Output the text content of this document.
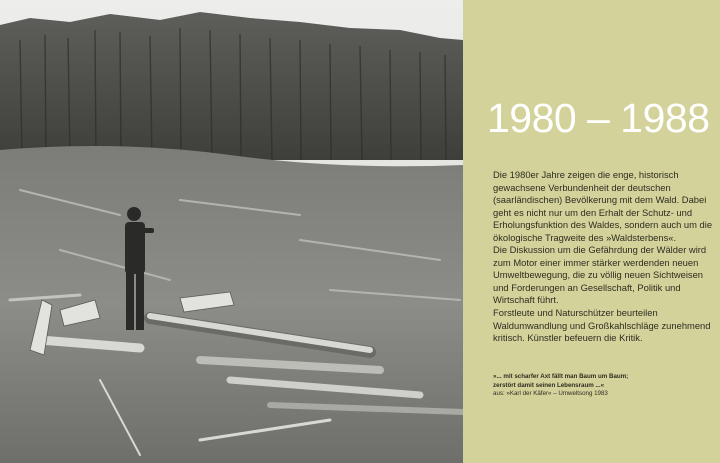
1980 – 1988

Die 1980er Jahre zeigen die enge, historisch gewachsene Verbundenheit der deutschen (saarländischen) Bevölkerung mit dem Wald. Dabei geht es nicht nur um den Erhalt der Schutz- und Erholungsfunktion des Waldes, sondern auch um die ökologische Tragweite des »Waldsterbens«.

Die Diskussion um die Gefährdung der Wälder wird zum Motor einer immer stärker werdenden neuen Umweltbewegung, die zu völlig neuen Sichtweisen und Forderungen an Gesellschaft, Politik und Wirtschaft führt.

Forstleute und Naturschützer beurteilen Waldumwandlung und Großkahlschläge zunehmend kritisch. Künstler befeuern die Kritik.

»... mit scharfer Axt fällt man Baum um Baum;
zerstört damit seinen Lebensraum ...«
aus: »Karl der Käfer« – Umweltsong 1983
